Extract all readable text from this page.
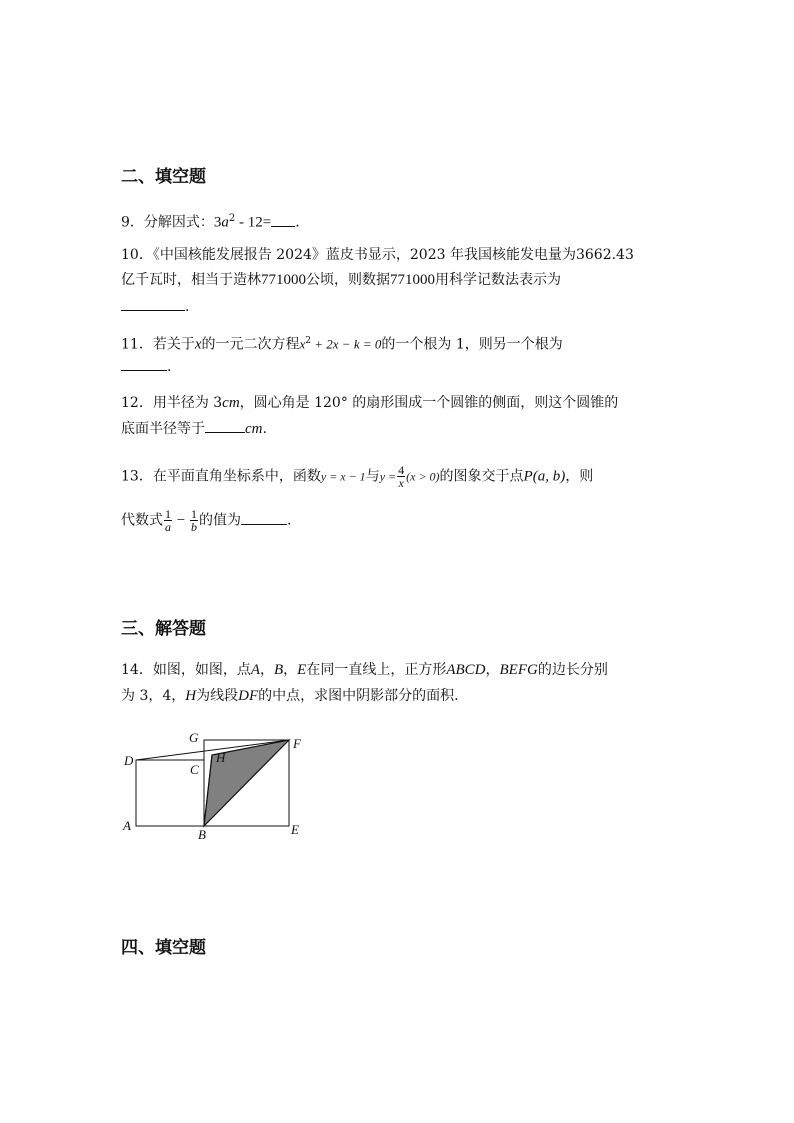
二、填空题
9．分解因式：$3a^2 - 12=$ .
10．《中国核能发展报告 2024》蓝皮书显示，2023 年我国核能发电量为3662.43
亿千瓦时，相当于造林771000公顷，则数据771000用科学记数法表示为
.
11．若关于x的一元二次方程$x^2 + 2x - k = 0$的一个根为 1，则另一个根为
.
12．用半径为 3cm，圆心角是 120° 的扇形围成一个圆锥的侧面，则这个圆锥的
底面半径等于	cm.
13．在平面直角坐标系中，函数y = x − 1与$y = \frac{4}{x} (x > 0)$的图象交于点P(a, b)，则
代数式 $\frac{1}{a} - \frac{1}{b}$ 的值为	.
三、解答题
14．如图，如图，点A，B，E在同一直线上，正方形ABCD，BEFG的边长分别
为 3，4，H为线段DF的中点，求图中阴影部分的面积.
G	F
D	H
C
A
B	E
四、填空题
